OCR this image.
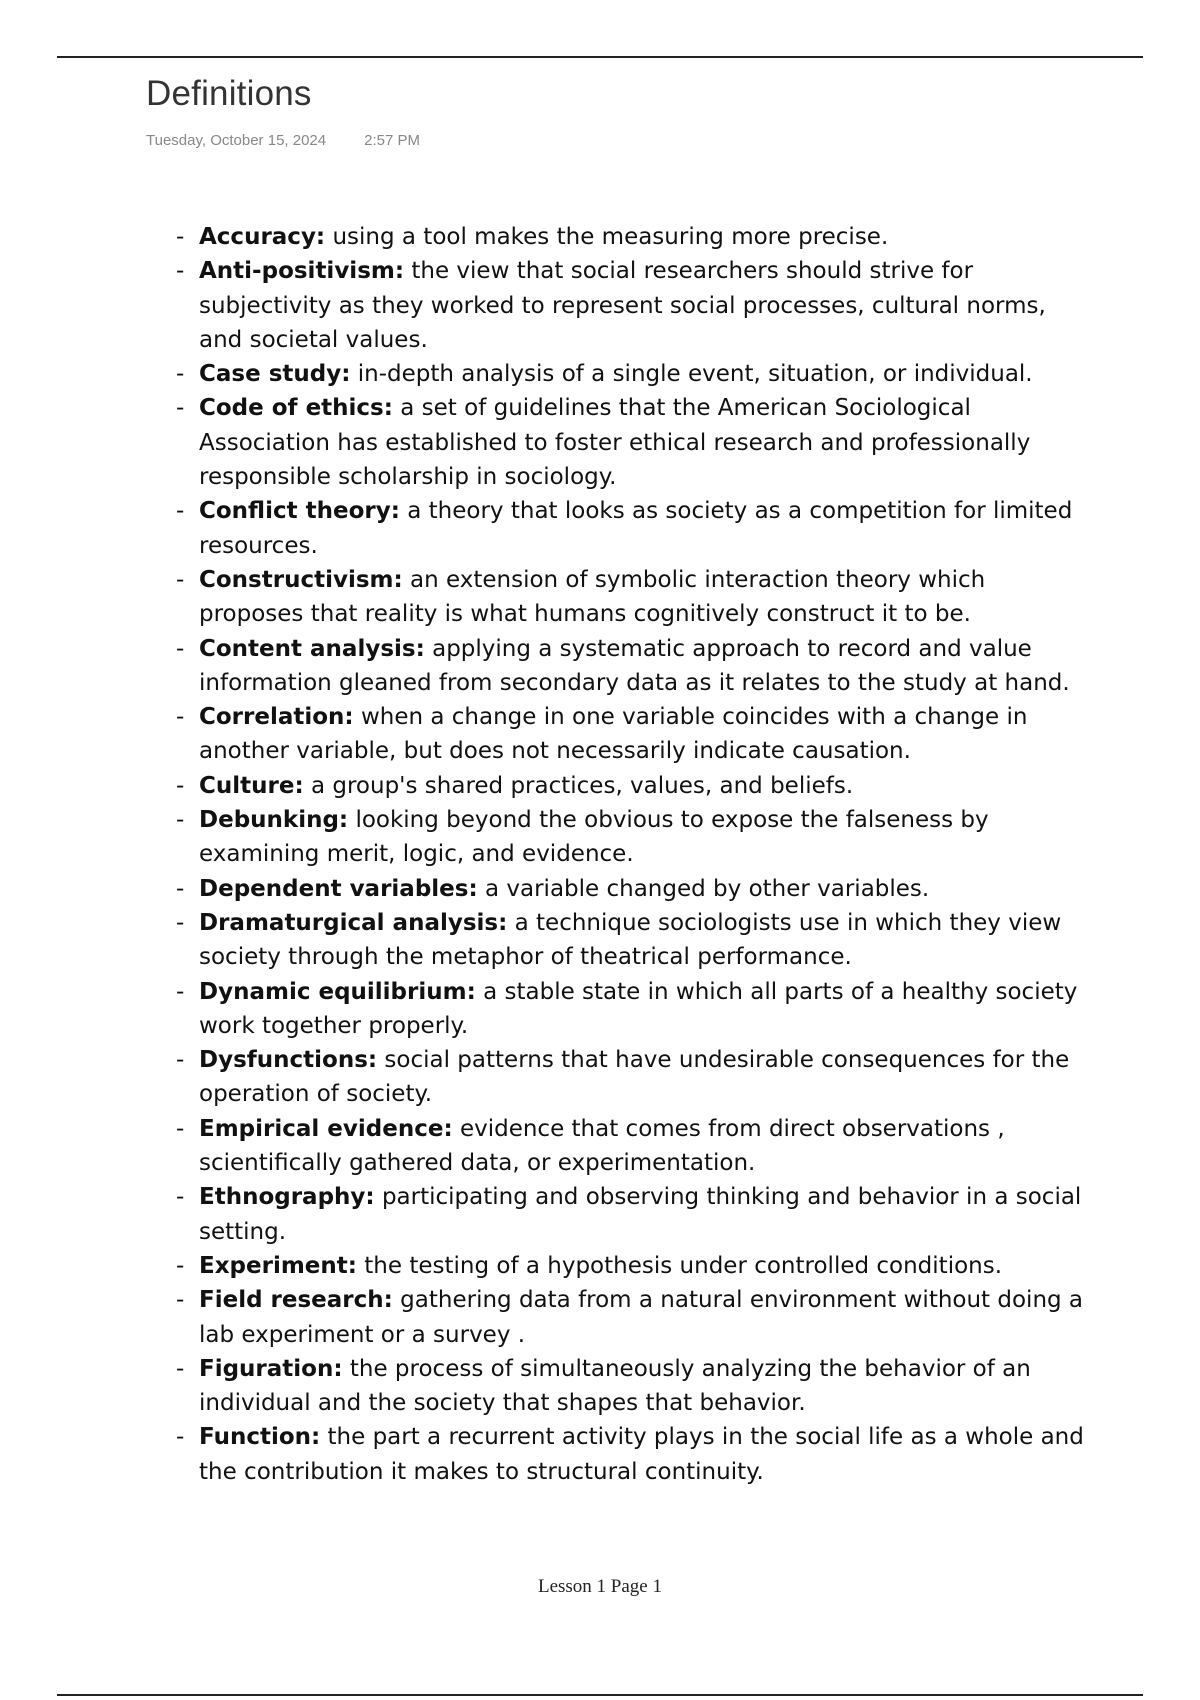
Definitions
Tuesday, October 15, 2024	2:57 PM
- Accuracy: using a tool makes the measuring more precise.
- Anti-positivism: the view that social researchers should strive for subjectivity as they worked to represent social processes, cultural norms, and societal values.
- Case study: in-depth analysis of a single event, situation, or individual.
- Code of ethics: a set of guidelines that the American Sociological Association has established to foster ethical research and professionally responsible scholarship in sociology.
- Conflict theory: a theory that looks as society as a competition for limited resources.
- Constructivism: an extension of symbolic interaction theory which proposes that reality is what humans cognitively construct it to be.
- Content analysis: applying a systematic approach to record and value information gleaned from secondary data as it relates to the study at hand.
- Correlation: when a change in one variable coincides with a change in another variable, but does not necessarily indicate causation.
- Culture: a group's shared practices, values, and beliefs.
- Debunking: looking beyond the obvious to expose the falseness by examining merit, logic, and evidence.
- Dependent variables: a variable changed by other variables.
- Dramaturgical analysis: a technique sociologists use in which they view society through the metaphor of theatrical performance.
- Dynamic equilibrium: a stable state in which all parts of a healthy society work together properly.
- Dysfunctions: social patterns that have undesirable consequences for the operation of society.
- Empirical evidence: evidence that comes from direct observations , scientifically gathered data, or experimentation.
- Ethnography: participating and observing thinking and behavior in a social setting.
- Experiment: the testing of a hypothesis under controlled conditions.
- Field research: gathering data from a natural environment without doing a lab experiment or a survey .
- Figuration: the process of simultaneously analyzing the behavior of an individual and the society that shapes that behavior.
- Function: the part a recurrent activity plays in the social life as a whole and the contribution it makes to structural continuity.
Lesson 1 Page 1
